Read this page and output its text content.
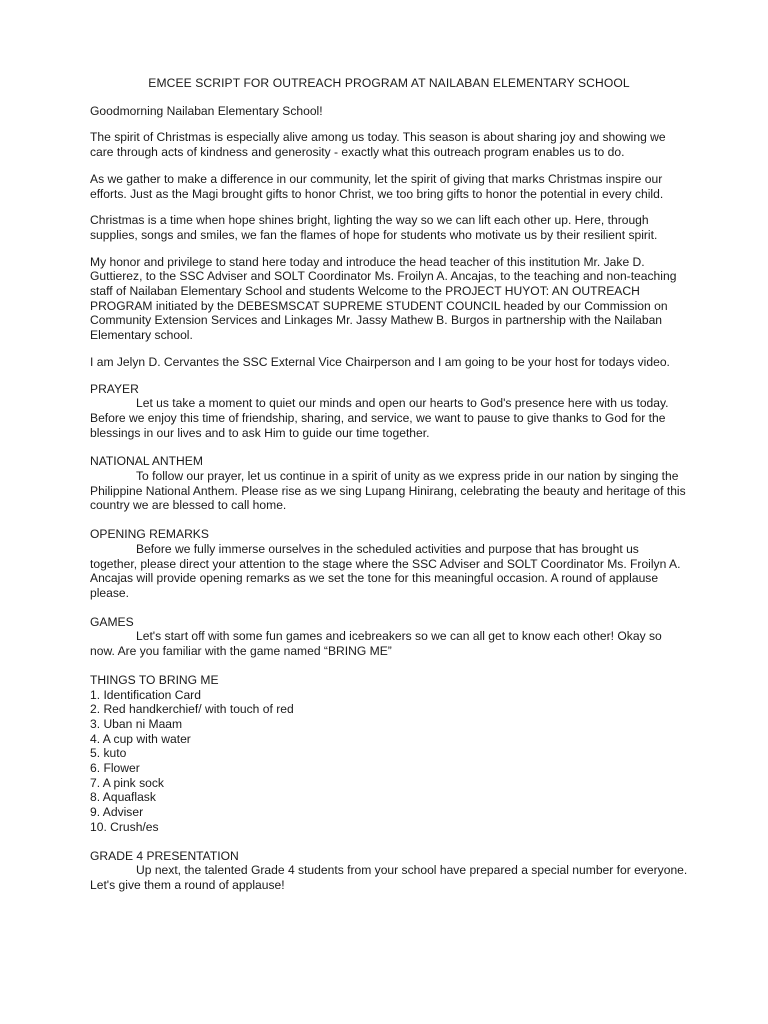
EMCEE SCRIPT FOR OUTREACH PROGRAM AT NAILABAN ELEMENTARY SCHOOL

Goodmorning Nailaban Elementary School!

The spirit of Christmas is especially alive among us today. This season is about sharing joy and showing we care through acts of kindness and generosity - exactly what this outreach program enables us to do.

As we gather to make a difference in our community, let the spirit of giving that marks Christmas inspire our efforts. Just as the Magi brought gifts to honor Christ, we too bring gifts to honor the potential in every child.

Christmas is a time when hope shines bright, lighting the way so we can lift each other up. Here, through supplies, songs and smiles, we fan the flames of hope for students who motivate us by their resilient spirit.

My honor and privilege to stand here today and introduce the head teacher of this institution Mr. Jake D. Guttierez, to the SSC Adviser and SOLT Coordinator Ms. Froilyn A. Ancajas, to the teaching and non-teaching staff of Nailaban Elementary School and students Welcome to the PROJECT HUYOT: AN OUTREACH PROGRAM initiated by the DEBESMSCAT SUPREME STUDENT COUNCIL headed by our Commission on Community Extension Services and Linkages Mr. Jassy Mathew B. Burgos in partnership with the Nailaban Elementary school.

I am Jelyn D. Cervantes the SSC External Vice Chairperson and I am going to be your host for todays video.

PRAYER

Let us take a moment to quiet our minds and open our hearts to God's presence here with us today. Before we enjoy this time of friendship, sharing, and service, we want to pause to give thanks to God for the blessings in our lives and to ask Him to guide our time together.

NATIONAL ANTHEM

To follow our prayer, let us continue in a spirit of unity as we express pride in our nation by singing the Philippine National Anthem. Please rise as we sing Lupang Hinirang, celebrating the beauty and heritage of this country we are blessed to call home.

OPENING REMARKS

Before we fully immerse ourselves in the scheduled activities and purpose that has brought us together, please direct your attention to the stage where the SSC Adviser and SOLT Coordinator Ms. Froilyn A. Ancajas will provide opening remarks as we set the tone for this meaningful occasion. A round of applause please.

GAMES

Let's start off with some fun games and icebreakers so we can all get to know each other! Okay so now. Are you familiar with the game named “BRING ME”

THINGS TO BRING ME

1. Identification Card
2. Red handkerchief/ with touch of red
3. Uban ni Maam
4. A cup with water
5. kuto
6. Flower
7. A pink sock
8. Aquaflask
9. Adviser
10. Crush/es

GRADE 4 PRESENTATION

Up next, the talented Grade 4 students from your school have prepared a special number for everyone. Let's give them a round of applause!
